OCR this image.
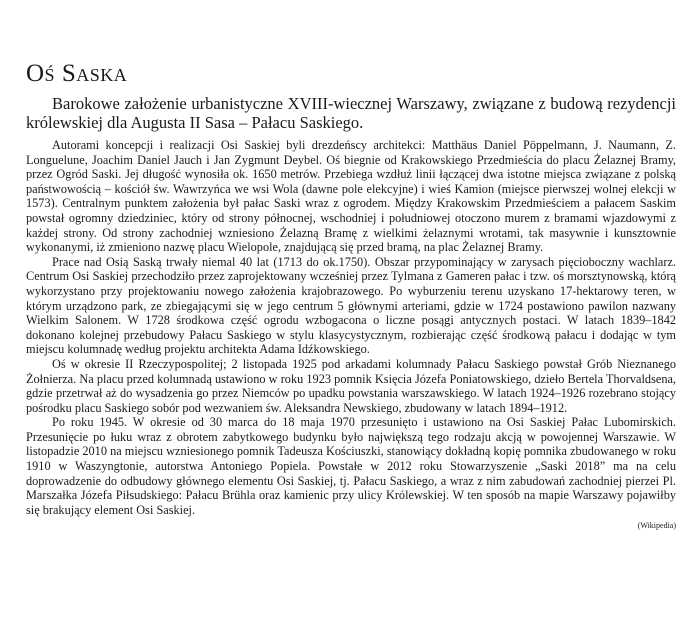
Oś Saska

Barokowe założenie urbanistyczne XVIII-wiecznej Warszawy, związane z budową rezydencji królewskiej dla Augusta II Sasa – Pałacu Saskiego.

Autorami koncepcji i realizacji Osi Saskiej byli drezdeńscy architekci: Matthäus Daniel Pöppelmann, J. Naumann, Z. Longuelune, Joachim Daniel Jauch i Jan Zygmunt Deybel. Oś biegnie od Krakowskiego Przedmieścia do placu Żelaznej Bramy, przez Ogród Saski. Jej długość wynosiła ok. 1650 metrów. Przebiega wzdłuż linii łączącej dwa istotne miejsca związane z polską państwowością – kościół św. Wawrzyńca we wsi Wola (dawne pole elekcyjne) i wieś Kamion (miejsce pierwszej wolnej elekcji w 1573). Centralnym punktem założenia był pałac Saski wraz z ogrodem. Między Krakowskim Przedmieściem a pałacem Saskim powstał ogromny dziedziniec, który od strony północnej, wschodniej i południowej otoczono murem z bramami wjazdowymi z każdej strony. Od strony zachodniej wzniesiono Żelazną Bramę z wielkimi żelaznymi wrotami, tak masywnie i kunsztownie wykonanymi, iż zmieniono nazwę placu Wielopole, znajdującą się przed bramą, na plac Żelaznej Bramy.

Prace nad Osią Saską trwały niemal 40 lat (1713 do ok.1750). Obszar przypominający w zarysach pięcioboczny wachlarz. Centrum Osi Saskiej przechodziło przez zaprojektowany wcześniej przez Tylmana z Gameren pałac i tzw. oś morsztynowską, którą wykorzystano przy projektowaniu nowego założenia krajobrazowego. Po wyburzeniu terenu uzyskano 17-hektarowy teren, w którym urządzono park, ze zbiegającymi się w jego centrum 5 głównymi arteriami, gdzie w 1724 postawiono pawilon nazwany Wielkim Salonem. W 1728 środkowa część ogrodu wzbogacona o liczne posągi antycznych postaci. W latach 1839–1842 dokonano kolejnej przebudowy Pałacu Saskiego w stylu klasycystycznym, rozbierając część środkową pałacu i dodając w tym miejscu kolumnadę według projektu architekta Adama Idźkowskiego.

Oś w okresie II Rzeczypospolitej; 2 listopada 1925 pod arkadami kolumnady Pałacu Saskiego powstał Grób Nieznanego Żołnierza. Na placu przed kolumnadą ustawiono w roku 1923 pomnik Księcia Józefa Poniatowskiego, dzieło Bertela Thorvaldsena, gdzie przetrwał aż do wysadzenia go przez Niemców po upadku powstania warszawskiego. W latach 1924–1926 rozebrano stojący pośrodku placu Saskiego sobór pod wezwaniem św. Aleksandra Newskiego, zbudowany w latach 1894–1912.

Po roku 1945. W okresie od 30 marca do 18 maja 1970 przesunięto i ustawiono na Osi Saskiej Pałac Lubomirskich. Przesunięcie po łuku wraz z obrotem zabytkowego budynku było największą tego rodzaju akcją w powojennej Warszawie. W listopadzie 2010 na miejscu wzniesionego pomnik Tadeusza Kościuszki, stanowiący dokładną kopię pomnika zbudowanego w roku 1910 w Waszyngtonie, autorstwa Antoniego Popiela. Powstałe w 2012 roku Stowarzyszenie „Saski 2018” ma na celu doprowadzenie do odbudowy głównego elementu Osi Saskiej, tj. Pałacu Saskiego, a wraz z nim zabudowań zachodniej pierzei Pl. Marszałka Józefa Piłsudskiego: Pałacu Brühla oraz kamienic przy ulicy Królewskiej. W ten sposób na mapie Warszawy pojawiłby się brakujący element Osi Saskiej.

(Wikipedia)
